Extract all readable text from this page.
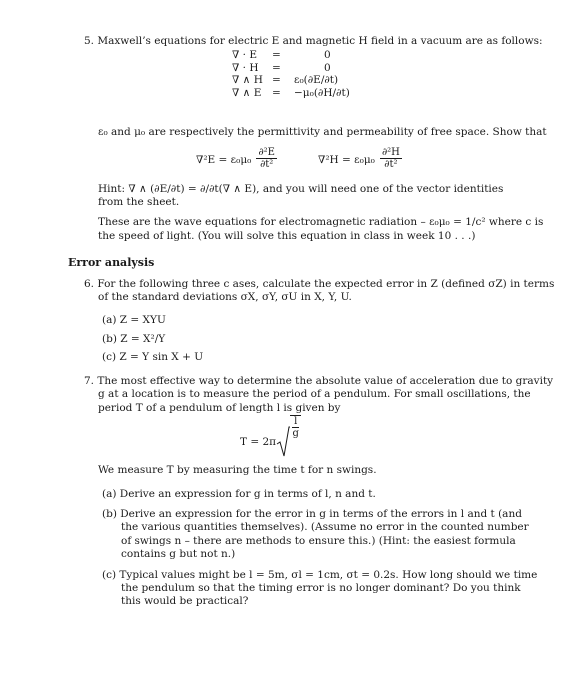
5. Maxwell’s equations for electric E and magnetic H field in a vacuum are as follows:
∇ · E	=	0
∇ · H	=	0
∇ ∧ H =	ε₀(∂E/∂t)
∇ ∧ E	=	−μ₀(∂H/∂t)
ε₀ and μ₀ are respectively the permittivity and permeability of free space. Show that
$\nabla^2E = \varepsilon_0\mu_0 \frac{\text{∂²E}}{\text{∂t²}}$	$\nabla^2H = \varepsilon_0\mu_0 \frac{\text{∂²H}}{\text{∂t²}}$
Hint: ∇ ∧ (∂E/∂t) = ∂/∂t(∇ ∧ E), and you will need one of the vector identities
from the sheet.
These are the wave equations for electromagnetic radiation – ε₀μ₀ = 1/c² where c is
the speed of light. (You will solve this equation in class in week 10 . . .)
Error analysis
6. For the following three c ases, calculate the expected error in Z (defined σZ) in terms
of the standard deviations σX, σY, σU in X, Y, U.
(a) Z = XYU
(b) Z = X²/Y
(c) Z = Y sin X + U
7. The most effective way to determine the absolute value of acceleration due to gravity
g at a location is to measure the period of a pendulum. For small oscillations, the
period T of a pendulum of length l is given by
T = 2π
$\frac{l}{g}$
We measure T by measuring the time t for n swings.
(a) Derive an expression for g in terms of l, n and t.
(b) Derive an expression for the error in g in terms of the errors in l and t (and
the various quantities themselves). (Assume no error in the counted number
of swings n – there are methods to ensure this.) (Hint: the easiest formula
contains g but not n.)
(c) Typical values might be l = 5m, σl = 1cm, σt = 0.2s. How long should we time
the pendulum so that the timing error is no longer dominant? Do you think
this would be practical?
